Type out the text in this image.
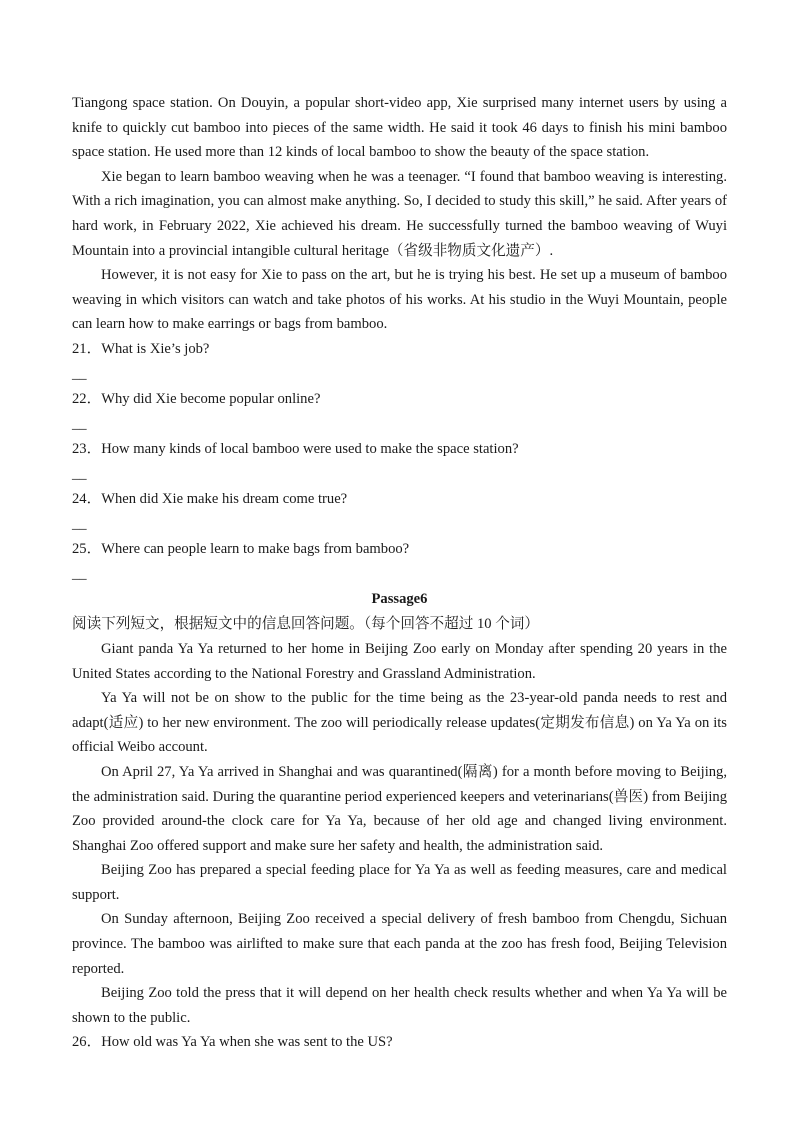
Tiangong space station. On Douyin, a popular short-video app, Xie surprised many internet users by using a knife to quickly cut bamboo into pieces of the same width. He said it took 46 days to finish his mini bamboo space station. He used more than 12 kinds of local bamboo to show the beauty of the space station.

Xie began to learn bamboo weaving when he was a teenager. “I found that bamboo weaving is interesting. With a rich imagination, you can almost make anything. So, I decided to study this skill,” he said. After years of hard work, in February 2022, Xie achieved his dream. He successfully turned the bamboo weaving of Wuyi Mountain into a provincial intangible cultural heritage（省级非物质文化遗产）.

However, it is not easy for Xie to pass on the art, but he is trying his best. He set up a museum of bamboo weaving in which visitors can watch and take photos of his works. At his studio in the Wuyi Mountain, people can learn how to make earrings or bags from bamboo.

21．What is Xie’s job?

__

22．Why did Xie become popular online?

__

23．How many kinds of local bamboo were used to make the space station?

__

24．When did Xie make his dream come true?

__

25．Where can people learn to make bags from bamboo?

__

Passage6

阅读下列短文，根据短文中的信息回答问题。（每个回答不超过 10 个词）

Giant panda Ya Ya returned to her home in Beijing Zoo early on Monday after spending 20 years in the United States according to the National Forestry and Grassland Administration.

Ya Ya will not be on show to the public for the time being as the 23-year-old panda needs to rest and adapt(适应) to her new environment. The zoo will periodically release updates(定期发布信息) on Ya Ya on its official Weibo account.

On April 27, Ya Ya arrived in Shanghai and was quarantined(隔离) for a month before moving to Beijing, the administration said. During the quarantine period experienced keepers and veterinarians(兽医) from Beijing Zoo provided around-the clock care for Ya Ya, because of her old age and changed living environment. Shanghai Zoo offered support and make sure her safety and health, the administration said.

Beijing Zoo has prepared a special feeding place for Ya Ya as well as feeding measures, care and medical support.

On Sunday afternoon, Beijing Zoo received a special delivery of fresh bamboo from Chengdu, Sichuan province. The bamboo was airlifted to make sure that each panda at the zoo has fresh food, Beijing Television reported.

Beijing Zoo told the press that it will depend on her health check results whether and when Ya Ya will be shown to the public.

26．How old was Ya Ya when she was sent to the US?
